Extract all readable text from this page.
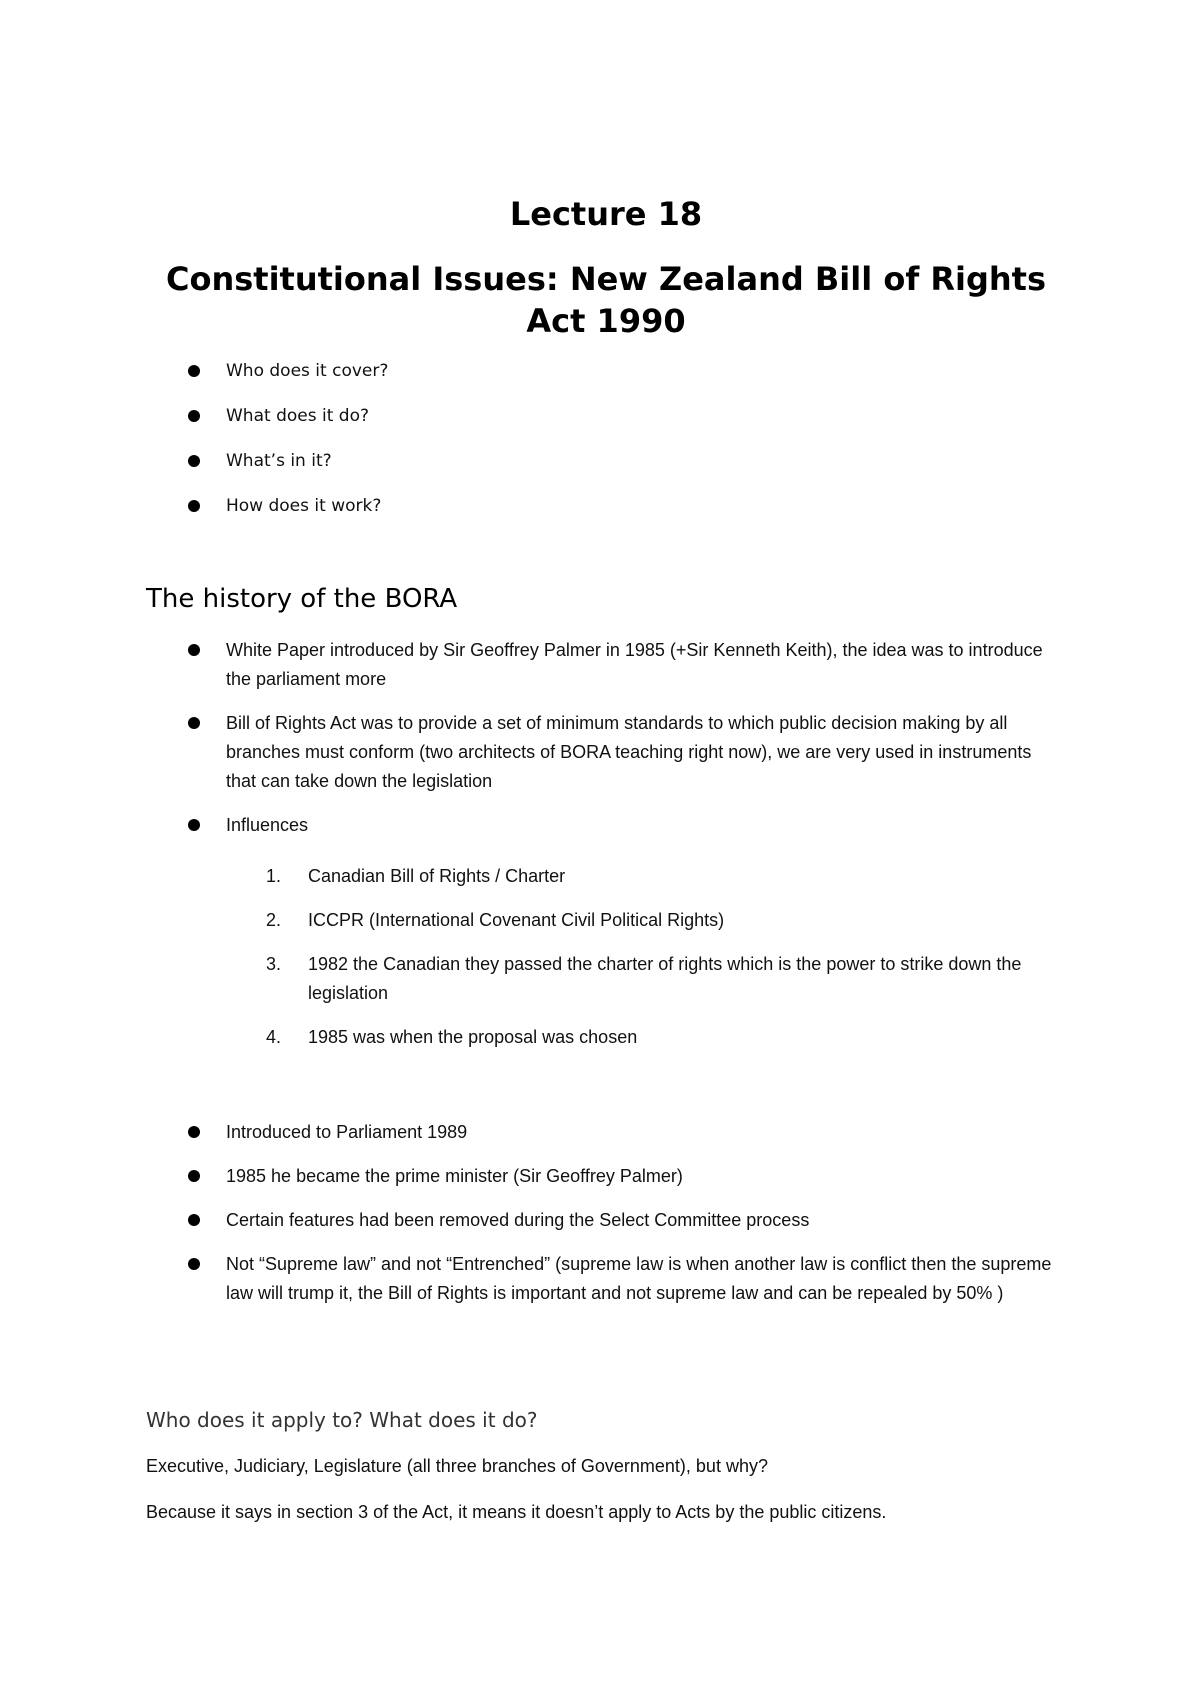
Lecture 18
Constitutional Issues: New Zealand Bill of Rights Act 1990
Who does it cover?
What does it do?
What’s in it?
How does it work?
The history of the BORA
White Paper introduced by Sir Geoffrey Palmer in 1985 (+Sir Kenneth Keith), the idea was to introduce the parliament more
Bill of Rights Act was to provide a set of minimum standards to which public decision making by all branches must conform (two architects of BORA teaching right now), we are very used in instruments that can take down the legislation
Influences
1. Canadian Bill of Rights / Charter
2. ICCPR (International Covenant Civil Political Rights)
3. 1982 the Canadian they passed the charter of rights which is the power to strike down the legislation
4. 1985 was when the proposal was chosen
Introduced to Parliament 1989
1985 he became the prime minister (Sir Geoffrey Palmer)
Certain features had been removed during the Select Committee process
Not “Supreme law” and not “Entrenched” (supreme law is when another law is conflict then the supreme law will trump it, the Bill of Rights is important and not supreme law and can be repealed by 50% )
Who does it apply to? What does it do?
Executive, Judiciary, Legislature (all three branches of Government), but why?
Because it says in section 3 of the Act, it means it doesn’t apply to Acts by the public citizens.
